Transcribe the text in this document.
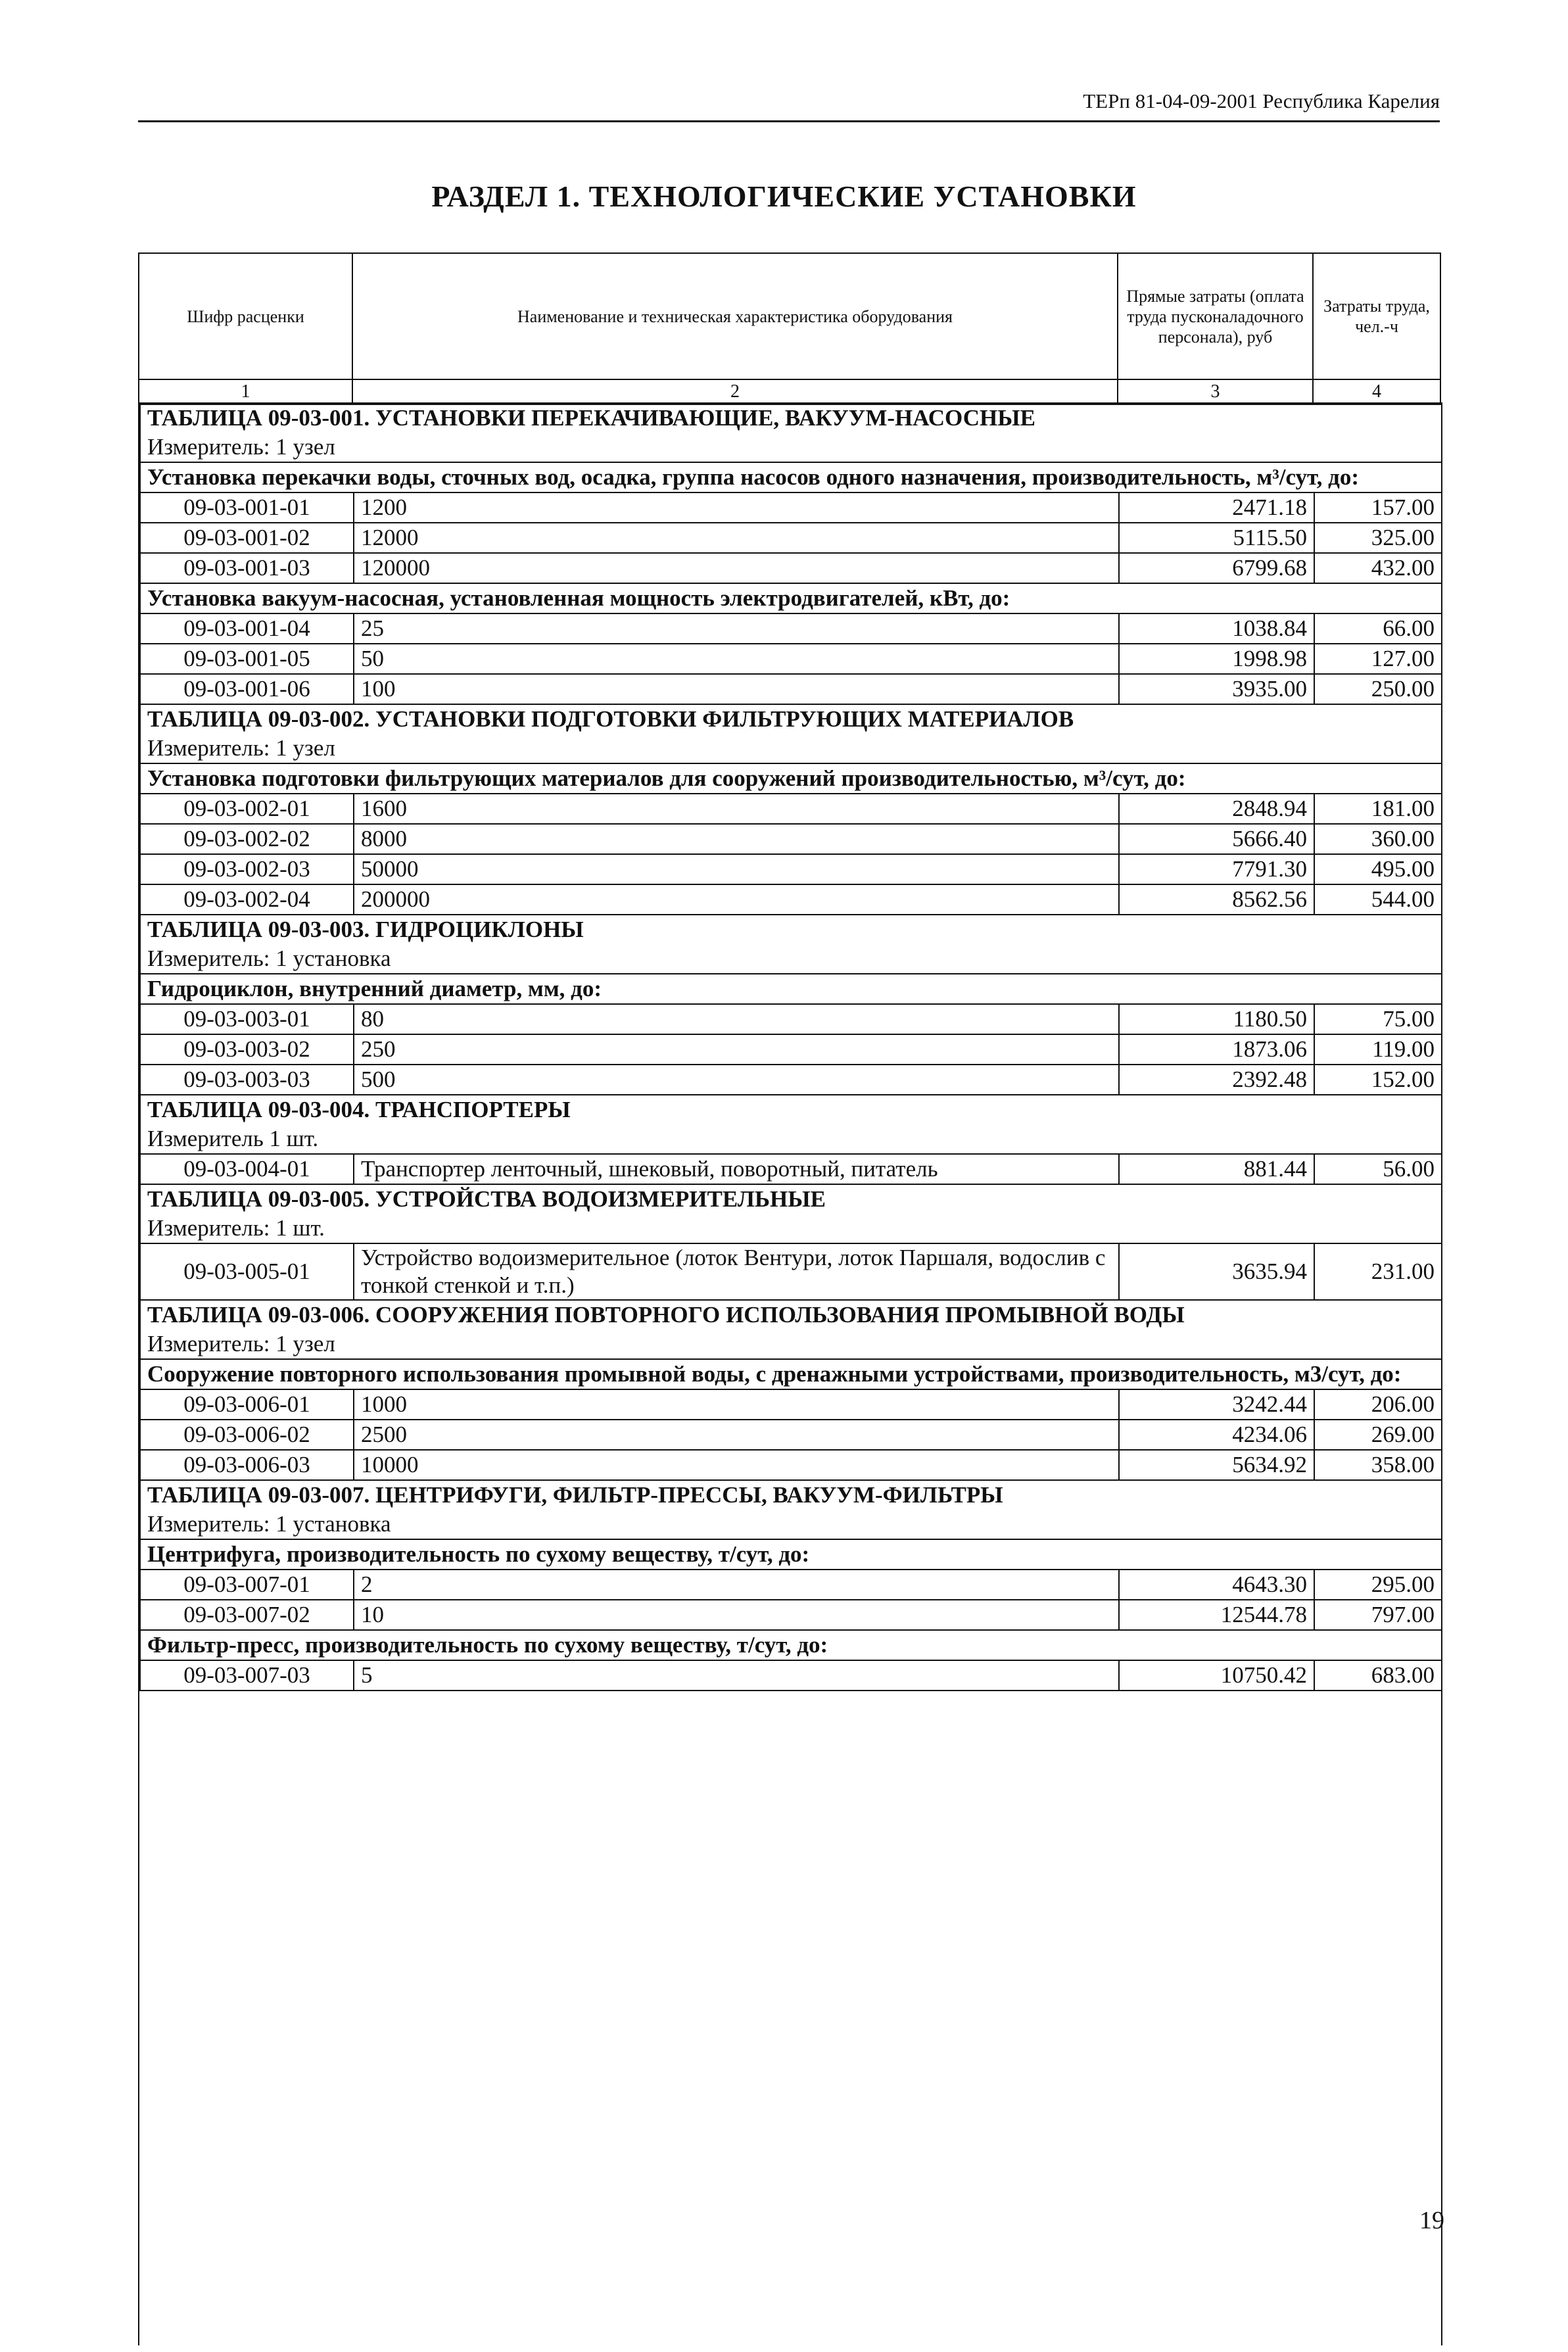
ТЕРп 81-04-09-2001 Республика Карелия
РАЗДЕЛ 1. ТЕХНОЛОГИЧЕСКИЕ УСТАНОВКИ
Шифр расценки	Наименование и техническая характеристика оборудования	Прямые затраты (оплата труда пусконаладочного персонала), руб	Затраты труда, чел.-ч
1	2	3	4
ТАБЛИЦА 09-03-001. УСТАНОВКИ ПЕРЕКАЧИВАЮЩИЕ, ВАКУУМ-НАСОСНЫЕ			
Измеритель: 1 узел			
Установка перекачки воды, сточных вод, осадка, группа насосов одного назначения, производительность, м³/сут, до:			
09-03-001-01	1200	2471.18	157.00
09-03-001-02	12000	5115.50	325.00
09-03-001-03	120000	6799.68	432.00
Установка вакуум-насосная, установленная мощность электродвигателей, кВт, до:			
09-03-001-04	25	1038.84	66.00
09-03-001-05	50	1998.98	127.00
09-03-001-06	100	3935.00	250.00
ТАБЛИЦА 09-03-002. УСТАНОВКИ ПОДГОТОВКИ ФИЛЬТРУЮЩИХ МАТЕРИАЛОВ			
Измеритель: 1 узел			
Установка подготовки фильтрующих материалов для сооружений производительностью, м³/сут, до:			
09-03-002-01	1600	2848.94	181.00
09-03-002-02	8000	5666.40	360.00
09-03-002-03	50000	7791.30	495.00
09-03-002-04	200000	8562.56	544.00
ТАБЛИЦА 09-03-003. ГИДРОЦИКЛОНЫ			
Измеритель: 1 установка			
Гидроциклон, внутренний диаметр, мм, до:			
09-03-003-01	80	1180.50	75.00
09-03-003-02	250	1873.06	119.00
09-03-003-03	500	2392.48	152.00
ТАБЛИЦА 09-03-004. ТРАНСПОРТЕРЫ			
Измеритель 1 шт.			
09-03-004-01	Транспортер ленточный, шнековый, поворотный, питатель	881.44	56.00
ТАБЛИЦА 09-03-005. УСТРОЙСТВА ВОДОИЗМЕРИТЕЛЬНЫЕ			
Измеритель: 1 шт.			
09-03-005-01	Устройство водоизмерительное (лоток Вентури, лоток Паршаля, водослив с тонкой стенкой и т.п.)	3635.94	231.00
ТАБЛИЦА 09-03-006. СООРУЖЕНИЯ ПОВТОРНОГО ИСПОЛЬЗОВАНИЯ ПРОМЫВНОЙ ВОДЫ			
Измеритель: 1 узел			
Сооружение повторного использования промывной воды, с дренажными устройствами, производительность, м3/сут, до:			
09-03-006-01	1000	3242.44	206.00
09-03-006-02	2500	4234.06	269.00
09-03-006-03	10000	5634.92	358.00
ТАБЛИЦА 09-03-007. ЦЕНТРИФУГИ, ФИЛЬТР-ПРЕССЫ, ВАКУУМ-ФИЛЬТРЫ			
Измеритель: 1 установка			
Центрифуга, производительность по сухому веществу, т/сут, до:			
09-03-007-01	2	4643.30	295.00
09-03-007-02	10	12544.78	797.00
Фильтр-пресс, производительность по сухому веществу, т/сут, до:			
09-03-007-03	5	10750.42	683.00
19
